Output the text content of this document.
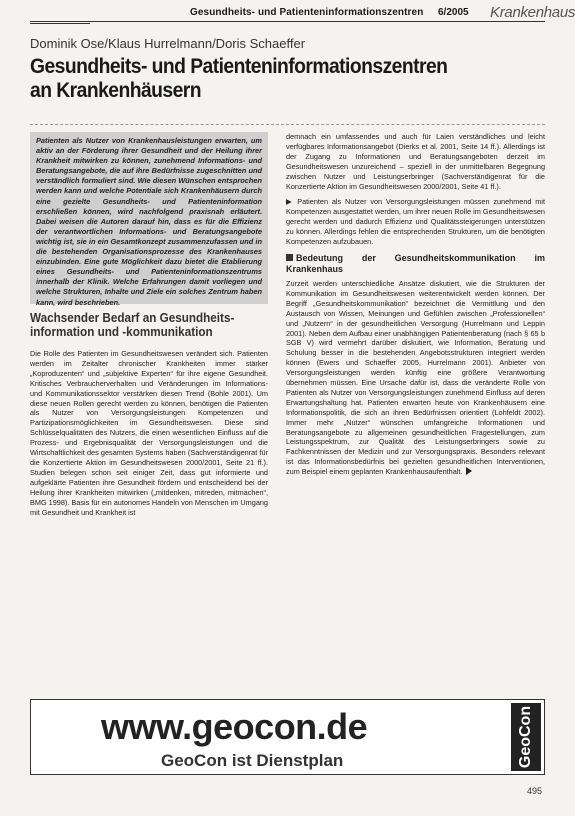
Gesundheits- und Patienteninformationszentren 6/2005 Krankenhaus
Dominik Ose/Klaus Hurrelmann/Doris Schaeffer
Gesundheits- und Patienteninformationszentren an Krankenhäusern

Patienten als Nutzer von Krankenhausleistungen erwarten, um aktiv an der Förderung ihrer Gesundheit und der Heilung ihrer Krankheit mitwirken zu können, zunehmend Informations- und Beratungsangebote, die auf ihre Bedürfnisse zugeschnitten und verständlich formuliert sind. Wie diesen Wünschen entsprochen werden kann und welche Potentiale sich Krankenhäusern durch eine gezielte Gesundheits- und Patienteninformation erschließen können, wird nachfolgend praxisnah erläutert. Dabei weisen die Autoren darauf hin, dass es für die Effizienz der verantwortlichen Informations- und Beratungsangebote wichtig ist, sie in ein Gesamtkonzept zusammenzufassen und in die bestehenden Organisationsprozesse des Krankenhauses einzubinden. Eine gute Möglichkeit dazu bietet die Etablierung eines Gesundheits- und Patienteninformationszentrums innerhalb der Klinik. Welche Erfahrungen damit vorliegen und welche Strukturen, Inhalte und Ziele ein solches Zentrum haben kann, wird beschrieben.

Wachsender Bedarf an Gesundheits-information und -kommunikation

Die Rolle des Patienten im Gesundheitswesen verändert sich. Patienten werden im Zeitalter chronischer Krankheiten immer stärker „Koproduzenten“ und „subjektive Experten“ für ihre eigene Gesundheit. Kritisches Verbraucherverhalten und Veränderungen im Informations- und Kommunikationssektor verstärken diesen Trend (Bohle 2001). Um diese neuen Rollen gerecht werden zu können, benötigen die Patienten als Nutzer von Versorgungsleistungen Kompetenzen und Partizipationsmöglichkeiten im Gesundheitswesen. Diese sind Schlüsselqualitäten des Nutzers, die einen wesentlichen Einfluss auf die Prozess- und Ergebnisqualität der Versorgungsleistungen und die Wirtschaftlichkeit des gesamten Systems haben (Sachverständigenrat für die Konzertierte Aktion im Gesundheitswesen 2000/2001, Seite 21 ff.). Studien belegen schon seit einiger Zeit, dass gut informierte und aufgeklärte Patienten ihre Gesundheit fördern und entscheidend bei der Heilung ihrer Krankheiten mitwirken („mitdenken, mitreden, mitmachen“, BMG 1998). Basis für ein autonomes Handeln von Menschen im Umgang mit Gesundheit und Krankheit ist

demnach ein umfassendes und auch für Laien verständliches und leicht verfügbares Informationsangebot (Dierks et al. 2001, Seite 14 ff.). Allerdings ist der Zugang zu Informationen und Beratungsangeboten derzeit im Gesundheitswesen unzureichend – speziell in der unmittelbaren Begegnung zwischen Nutzer und Leistungserbringer (Sachverständigenrat für die Konzertierte Aktion im Gesundheitswesen 2000/2001, Seite 41 ff.).

▶ Patienten als Nutzer von Versorgungsleistungen müssen zunehmend mit Kompetenzen ausgestattet werden, um ihrer neuen Rolle im Gesundheitswesen gerecht werden und dadurch Effizienz und Qualitätssteigerungen unterstützen zu können. Allerdings fehlen die entsprechenden Strukturen, um die benötigten Kompetenzen aufzubauen.

Bedeutung der Gesundheitskommunikation im Krankenhaus

Zurzeit werden unterschiedliche Ansätze diskutiert, wie die Strukturen der Kommunikation im Gesundheitswesen weiterentwickelt werden können. Der Begriff „Gesundheitskommunikation“ bezeichnet die Vermittlung und den Austausch von Wissen, Meinungen und Gefühlen zwischen „Professionellen“ und „Nutzern“ in der gesundheitlichen Versorgung (Hurrelmann und Leppin 2001). Neben dem Aufbau einer unabhängigen Patientenberatung (nach § 65 b SGB V) wird vermehrt darüber diskutiert, wie Information, Beratung und Schulung besser in die bestehenden Angebotsstrukturen integriert werden können (Ewers und Schaeffer 2005, Hurrelmann 2001). Anbieter von Versorgungsleistungen werden künftig eine größere Verantwortung übernehmen müssen. Eine Ursache dafür ist, dass die veränderte Rolle von Patienten als Nutzer von Versorgungsleistungen zunehmend Einfluss auf deren Erwartungshaltung hat. Patienten erwarten heute von Krankenhäusern eine Informationspolitik, die sich an ihren Bedürfnissen orientiert (Lohfeldt 2002). Immer mehr „Nutzer“ wünschen umfangreiche Informationen und Beratungsangebote zu allgemeinen gesundheitlichen Fragestellungen, zum Leistungsspektrum, zur Qualität des Leistungserbringers sowie zu Fachkenntnissen der Medizin und zur Versorgungspraxis. Besonders relevant ist das Informationsbedürfnis bei gezielten gesundheitlichen Interventionen, zum Beispiel einem geplanten Krankenhausaufenthalt.

www.geocon.de
GeoCon ist Dienstplan	GeoCon
495
